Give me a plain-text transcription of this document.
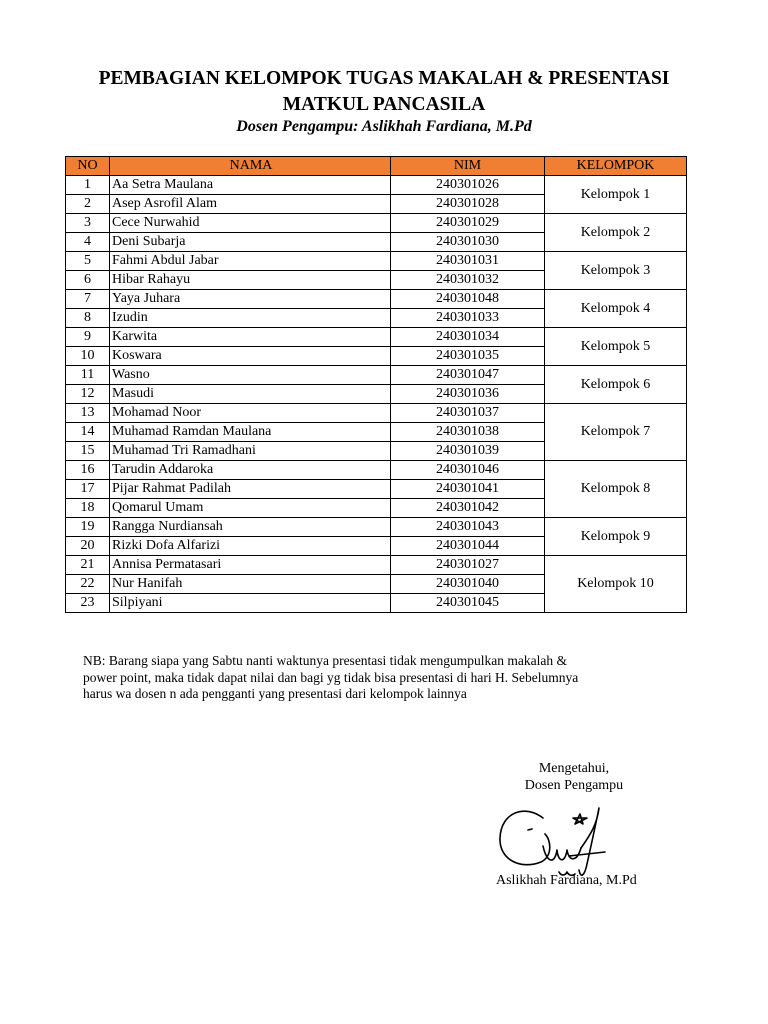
PEMBAGIAN KELOMPOK TUGAS MAKALAH & PRESENTASI
MATKUL PANCASILA
Dosen Pengampu: Aslikhah Fardiana, M.Pd
NO	NAMA	NIM	KELOMPOK
1	Aa Setra Maulana	240301026	Kelompok 1
2	Asep Asrofil Alam	240301028	
3	Cece Nurwahid	240301029	Kelompok 2
4	Deni Subarja	240301030	
5	Fahmi Abdul Jabar	240301031	Kelompok 3
6	Hibar Rahayu	240301032	
7	Yaya Juhara	240301048	Kelompok 4
8	Izudin	240301033	
9	Karwita	240301034	Kelompok 5
10	Koswara	240301035	
11	Wasno	240301047	Kelompok 6
12	Masudi	240301036	
13	Mohamad Noor	240301037	Kelompok 7
14	Muhamad Ramdan Maulana	240301038	
15	Muhamad Tri Ramadhani	240301039	
16	Tarudin Addaroka	240301046	Kelompok 8
17	Pijar Rahmat Padilah	240301041	
18	Qomarul Umam	240301042	
19	Rangga Nurdiansah	240301043	Kelompok 9
20	Rizki Dofa Alfarizi	240301044	
21	Annisa Permatasari	240301027	Kelompok 10
22	Nur Hanifah	240301040	
23	Silpiyani	240301045	
NB: Barang siapa yang Sabtu nanti waktunya presentasi tidak mengumpulkan makalah &
power point, maka tidak dapat nilai dan bagi yg tidak bisa presentasi di hari H. Sebelumnya
harus wa dosen n ada pengganti yang presentasi dari kelompok lainnya
Mengetahui,
Dosen Pengampu
Aslikhah Fardiana, M.Pd
